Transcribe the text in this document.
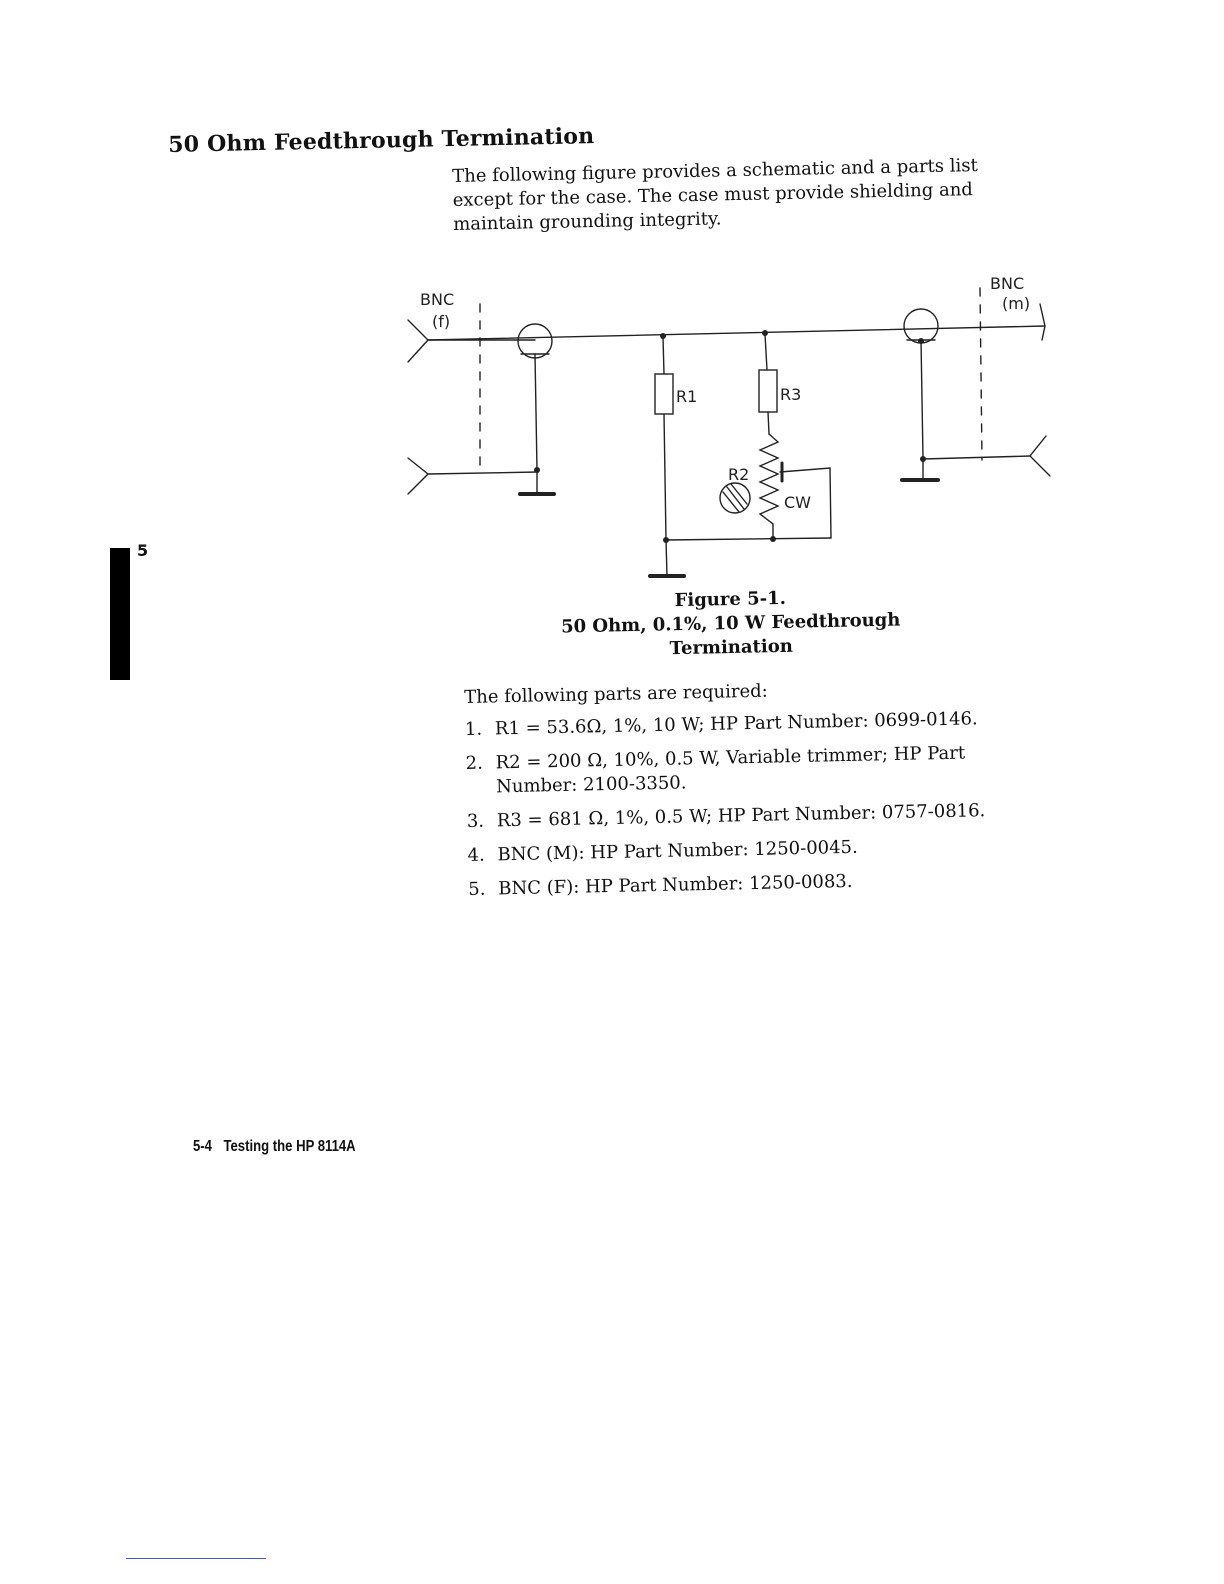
50 Ohm Feedthrough Termination

The following figure provides a schematic and a parts list except for the case. The case must provide shielding and maintain grounding integrity.

5
BNC
(f)
BNC
(m)
R1	R3
R2
CW
Figure 5-1.
50 Ohm, 0.1%, 10 W Feedthrough
Termination

The following parts are required:

1. R1 = 53.6Ω, 1%, 10 W; HP Part Number: 0699-0146.
2. R2 = 200 Ω, 10%, 0.5 W, Variable trimmer; HP Part Number: 2100-3350.
3. R3 = 681 Ω, 1%, 0.5 W; HP Part Number: 0757-0816.
4. BNC (M): HP Part Number: 1250-0045.
5. BNC (F): HP Part Number: 1250-0083.
5-4 Testing the HP 8114A
